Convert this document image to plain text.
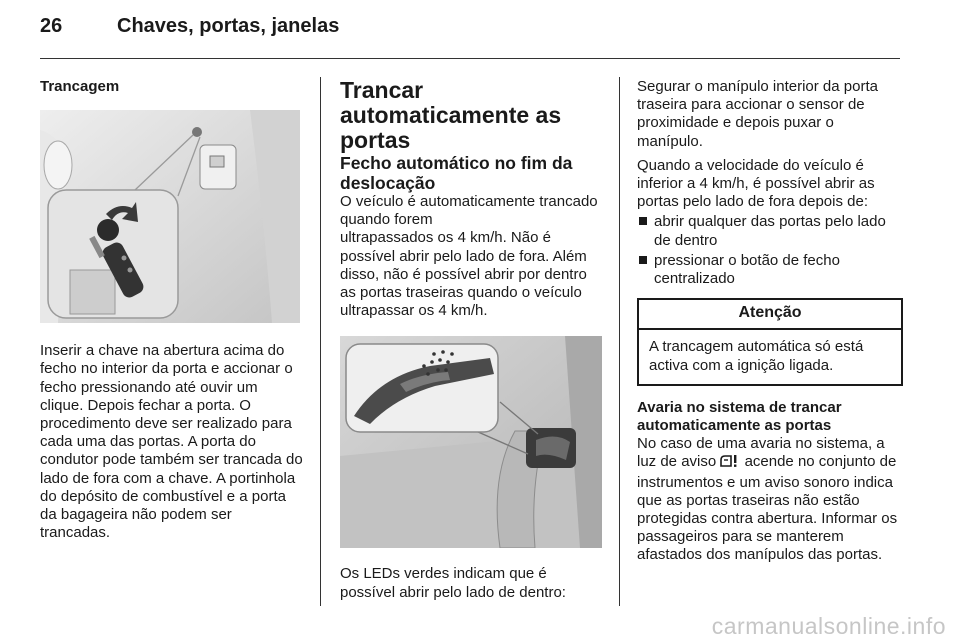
26	Chaves, portas, janelas

Trancagem

Inserir a chave na abertura acima do fecho no interior da porta e accionar o fecho pressionando até ouvir um clique. Depois fechar a porta. O procedimento deve ser realizado para cada uma das portas. A porta do condutor pode também ser trancada do lado de fora com a chave. A portinhola do depósito de combustível e a porta da bagageira não podem ser trancadas.

Trancar automaticamente as portas

Fecho automático no fim da deslocação

O veículo é automaticamente trancado quando forem

ultrapassados os 4 km/h. Não é possível abrir pelo lado de fora. Além disso, não é possível abrir por dentro as portas traseiras quando o veículo ultrapassar os 4 km/h.

Os LEDs verdes indicam que é possível abrir pelo lado de dentro:

Segurar o manípulo interior da porta traseira para accionar o sensor de proximidade e depois puxar o manípulo.

Quando a velocidade do veículo é inferior a 4 km/h, é possível abrir as portas pelo lado de fora depois de:

abrir qualquer das portas pelo lado de dentro
pressionar o botão de fecho centralizado
Atenção
A trancagem automática só está activa com a ignição ligada.

Avaria no sistema de trancar automaticamente as portas

No caso de uma avaria no sistema, a luz de aviso acende no conjunto de instrumentos e um aviso sonoro indica que as portas traseiras não estão protegidas contra abertura. Informar os passageiros para se manterem afastados dos manípulos das portas.

carmanualsonline.info
